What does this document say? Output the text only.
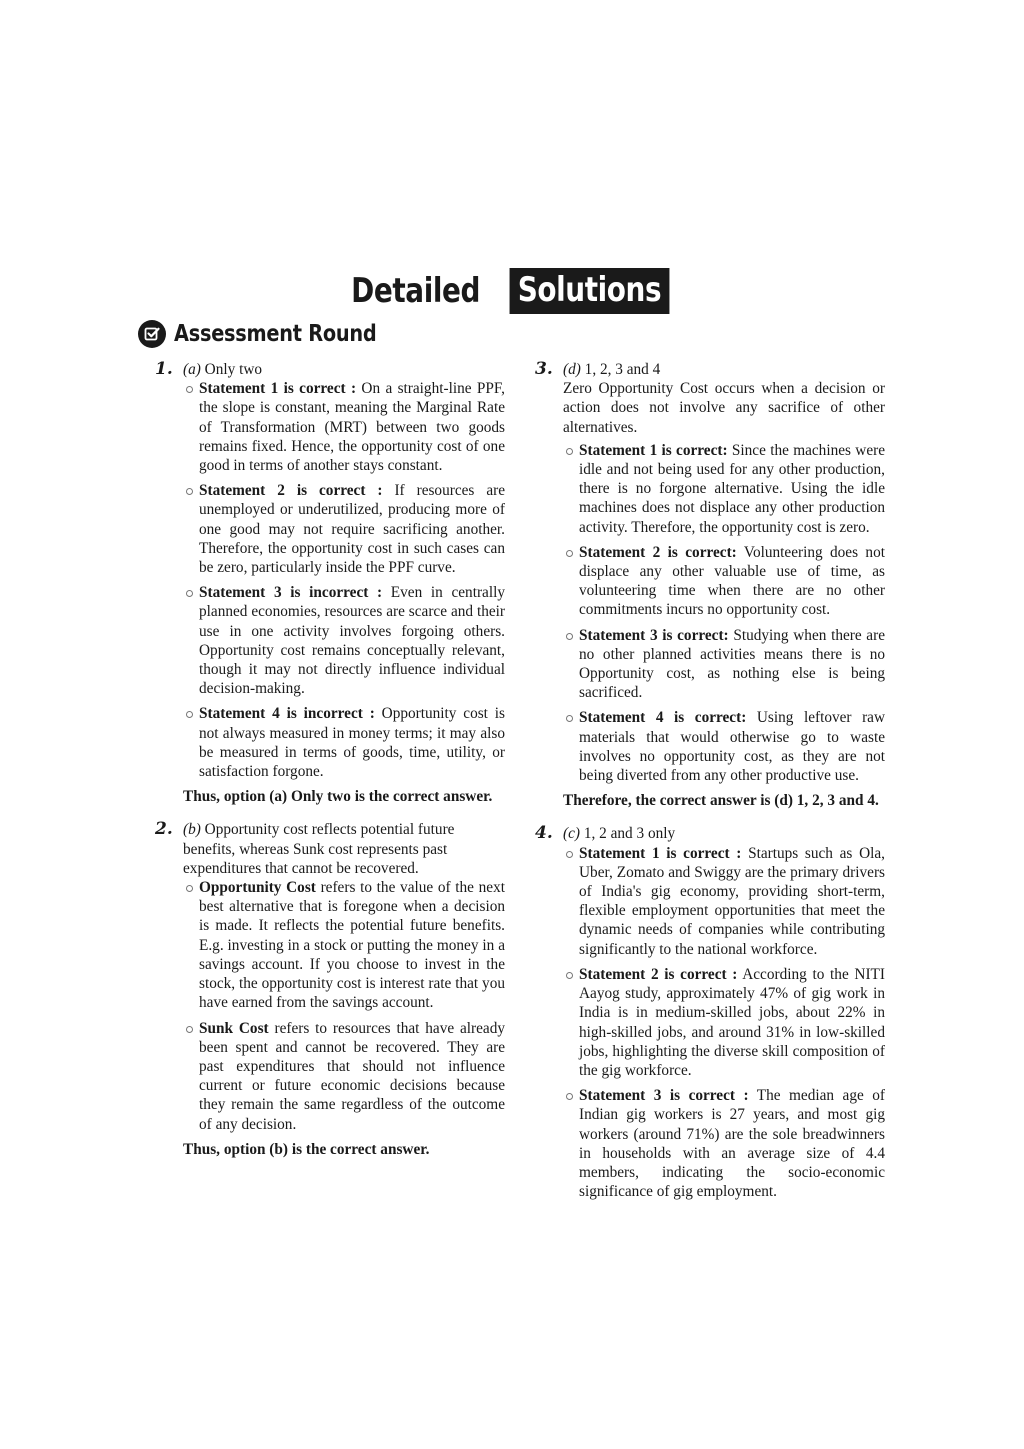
Detailed Solutions
Assessment Round
1. (a) Only two
Statement 1 is correct : On a straight-line PPF, the slope is constant, meaning the Marginal Rate of Transformation (MRT) between two goods remains fixed. Hence, the opportunity cost of one good in terms of another stays constant.
Statement 2 is correct : If resources are unemployed or underutilized, producing more of one good may not require sacrificing another. Therefore, the opportunity cost in such cases can be zero, particularly inside the PPF curve.
Statement 3 is incorrect : Even in centrally planned economies, resources are scarce and their use in one activity involves forgoing others. Opportunity cost remains conceptually relevant, though it may not directly influence individual decision-making.
Statement 4 is incorrect : Opportunity cost is not always measured in money terms; it may also be measured in terms of goods, time, utility, or satisfaction forgone.
Thus, option (a) Only two is the correct answer.
2. (b) Opportunity cost reflects potential future benefits, whereas Sunk cost represents past expenditures that cannot be recovered.
Opportunity Cost refers to the value of the next best alternative that is foregone when a decision is made. It reflects the potential future benefits. E.g. investing in a stock or putting the money in a savings account. If you choose to invest in the stock, the opportunity cost is interest rate that you have earned from the savings account.
Sunk Cost refers to resources that have already been spent and cannot be recovered. They are past expenditures that should not influence current or future economic decisions because they remain the same regardless of the outcome of any decision.
Thus, option (b) is the correct answer.
3. (d) 1, 2, 3 and 4

Zero Opportunity Cost occurs when a decision or action does not involve any sacrifice of other alternatives.

Statement 1 is correct: Since the machines were idle and not being used for any other production, there is no forgone alternative. Using the idle machines does not displace any other production activity. Therefore, the opportunity cost is zero.
Statement 2 is correct: Volunteering does not displace any other valuable use of time, as volunteering time when there are no other commitments incurs no opportunity cost.
Statement 3 is correct: Studying when there are no other planned activities means there is no Opportunity cost, as nothing else is being sacrificed.
Statement 4 is correct: Using leftover raw materials that would otherwise go to waste involves no opportunity cost, as they are not being diverted from any other productive use.
Therefore, the correct answer is (d) 1, 2, 3 and 4.
4. (c) 1, 2 and 3 only
Statement 1 is correct : Startups such as Ola, Uber, Zomato and Swiggy are the primary drivers of India's gig economy, providing short-term, flexible employment opportunities that meet the dynamic needs of companies while contributing significantly to the national workforce.
Statement 2 is correct : According to the NITI Aayog study, approximately 47% of gig work in India is in medium-skilled jobs, about 22% in high-skilled jobs, and around 31% in low-skilled jobs, highlighting the diverse skill composition of the gig workforce.
Statement 3 is correct : The median age of Indian gig workers is 27 years, and most gig workers (around 71%) are the sole breadwinners in households with an average size of 4.4 members, indicating the socio-economic significance of gig employment.
